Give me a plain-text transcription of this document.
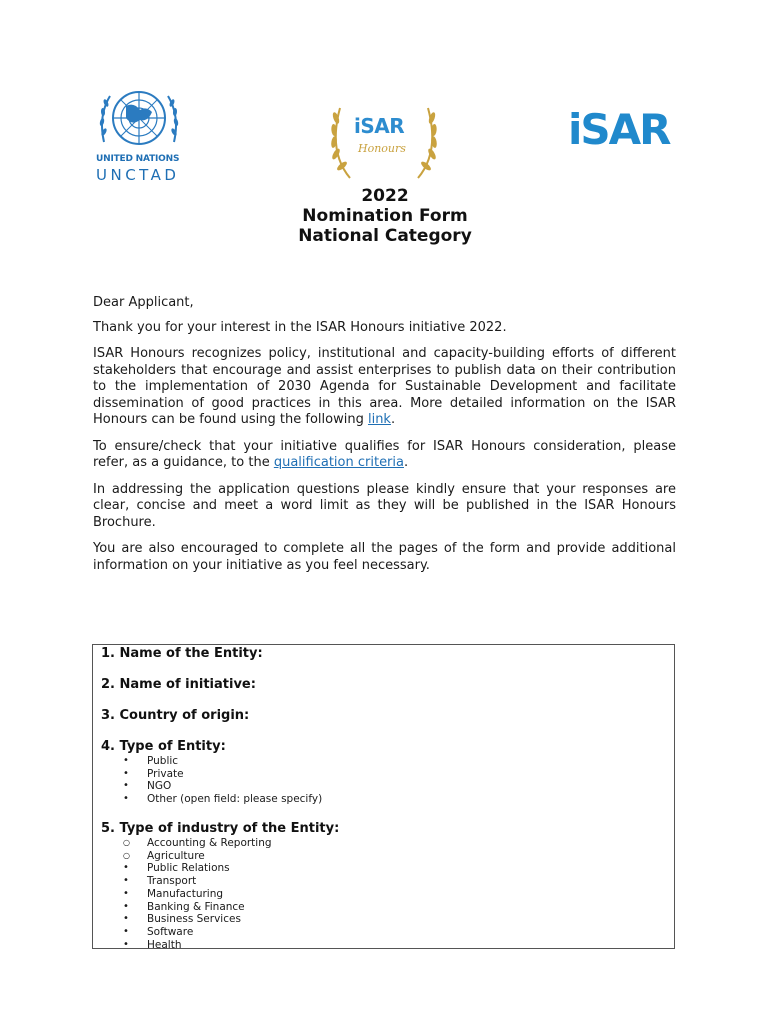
UNITED NATIONS
UNCTAD
iSAR
Honours	iSAR
2022
Nomination Form
National Category

Dear Applicant,

Thank you for your interest in the ISAR Honours initiative 2022.

ISAR Honours recognizes policy, institutional and capacity-building efforts of different stakeholders that encourage and assist enterprises to publish data on their contribution to the implementation of 2030 Agenda for Sustainable Development and facilitate dissemination of good practices in this area. More detailed information on the ISAR Honours can be found using the following link.

To ensure/check that your initiative qualifies for ISAR Honours consideration, please refer, as a guidance, to the qualification criteria.

In addressing the application questions please kindly ensure that your responses are clear, concise and meet a word limit as they will be published in the ISAR Honours Brochure.

You are also encouraged to complete all the pages of the form and provide additional information on your initiative as you feel necessary.

1. Name of the Entity:
2. Name of initiative:
3. Country of origin:
4. Type of Entity:
• Public
• Private
• NGO
• Other (open field: please specify)
5. Type of industry of the Entity:
○ Accounting & Reporting
○ Agriculture
• Public Relations
• Transport
• Manufacturing
• Banking & Finance
• Business Services
• Software
• Health
